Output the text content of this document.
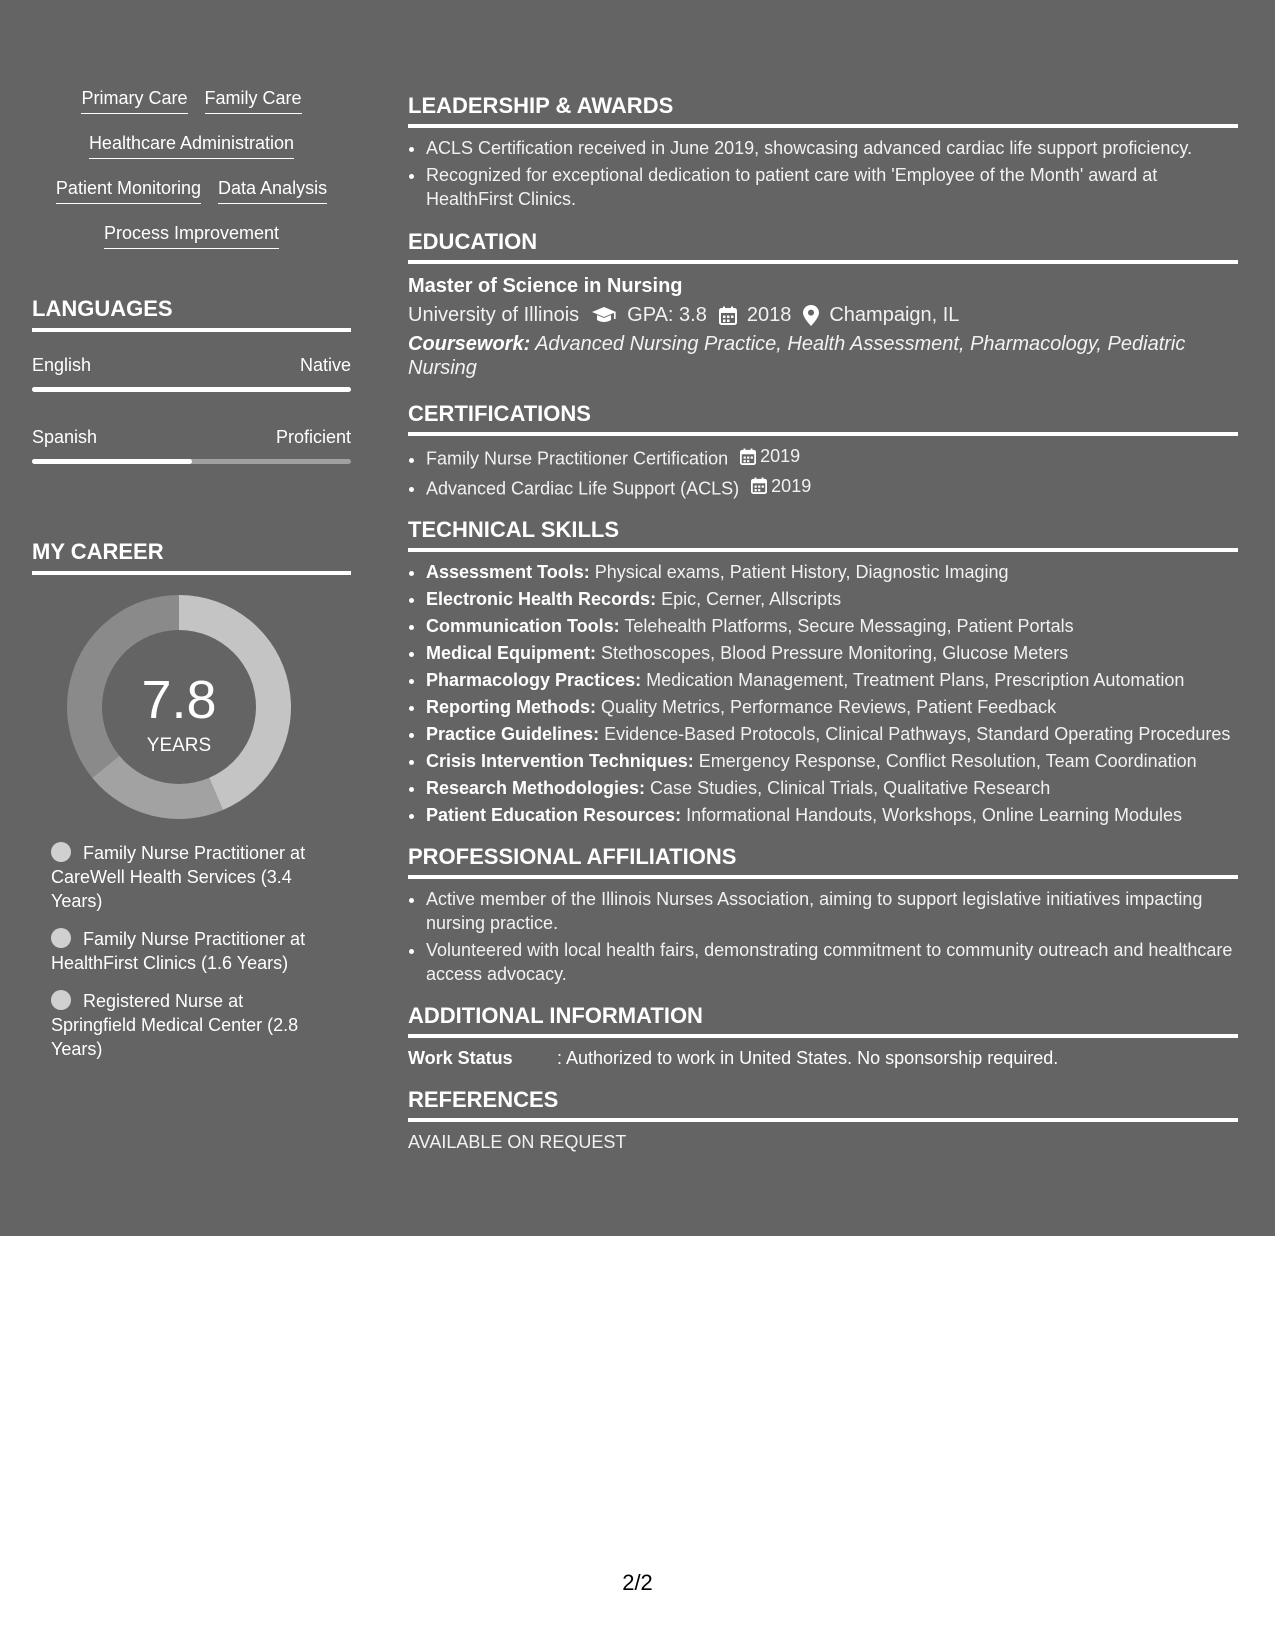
Primary Care Family Care
Healthcare Administration
Patient Monitoring Data Analysis
Process Improvement
LANGUAGES
English	Native
Spanish	Proficient
MY CAREER
7.8
YEARS
Family Nurse Practitioner at CareWell Health Services (3.4 Years)
Family Nurse Practitioner at HealthFirst Clinics (1.6 Years)
Registered Nurse at Springfield Medical Center (2.8 Years)
LEADERSHIP & AWARDS
• ACLS Certification received in June 2019, showcasing advanced cardiac life support proficiency.
• Recognized for exceptional dedication to patient care with 'Employee of the Month' award at HealthFirst Clinics.
EDUCATION
Master of Science in Nursing
University of Illinois GPA: 3.8 2018 Champaign, IL
Coursework: Advanced Nursing Practice, Health Assessment, Pharmacology, Pediatric Nursing
CERTIFICATIONS
• Family Nurse Practitioner Certification 2019
• Advanced Cardiac Life Support (ACLS) 2019
TECHNICAL SKILLS
• Assessment Tools: Physical exams, Patient History, Diagnostic Imaging
• Electronic Health Records: Epic, Cerner, Allscripts
• Communication Tools: Telehealth Platforms, Secure Messaging, Patient Portals
• Medical Equipment: Stethoscopes, Blood Pressure Monitoring, Glucose Meters
• Pharmacology Practices: Medication Management, Treatment Plans, Prescription Automation
• Reporting Methods: Quality Metrics, Performance Reviews, Patient Feedback
• Practice Guidelines: Evidence-Based Protocols, Clinical Pathways, Standard Operating Procedures
• Crisis Intervention Techniques: Emergency Response, Conflict Resolution, Team Coordination
• Research Methodologies: Case Studies, Clinical Trials, Qualitative Research
• Patient Education Resources: Informational Handouts, Workshops, Online Learning Modules
PROFESSIONAL AFFILIATIONS
• Active member of the Illinois Nurses Association, aiming to support legislative initiatives impacting nursing practice.
• Volunteered with local health fairs, demonstrating commitment to community outreach and healthcare access advocacy.
ADDITIONAL INFORMATION
Work Status	: Authorized to work in United States. No sponsorship required.
REFERENCES
AVAILABLE ON REQUEST
2/2
